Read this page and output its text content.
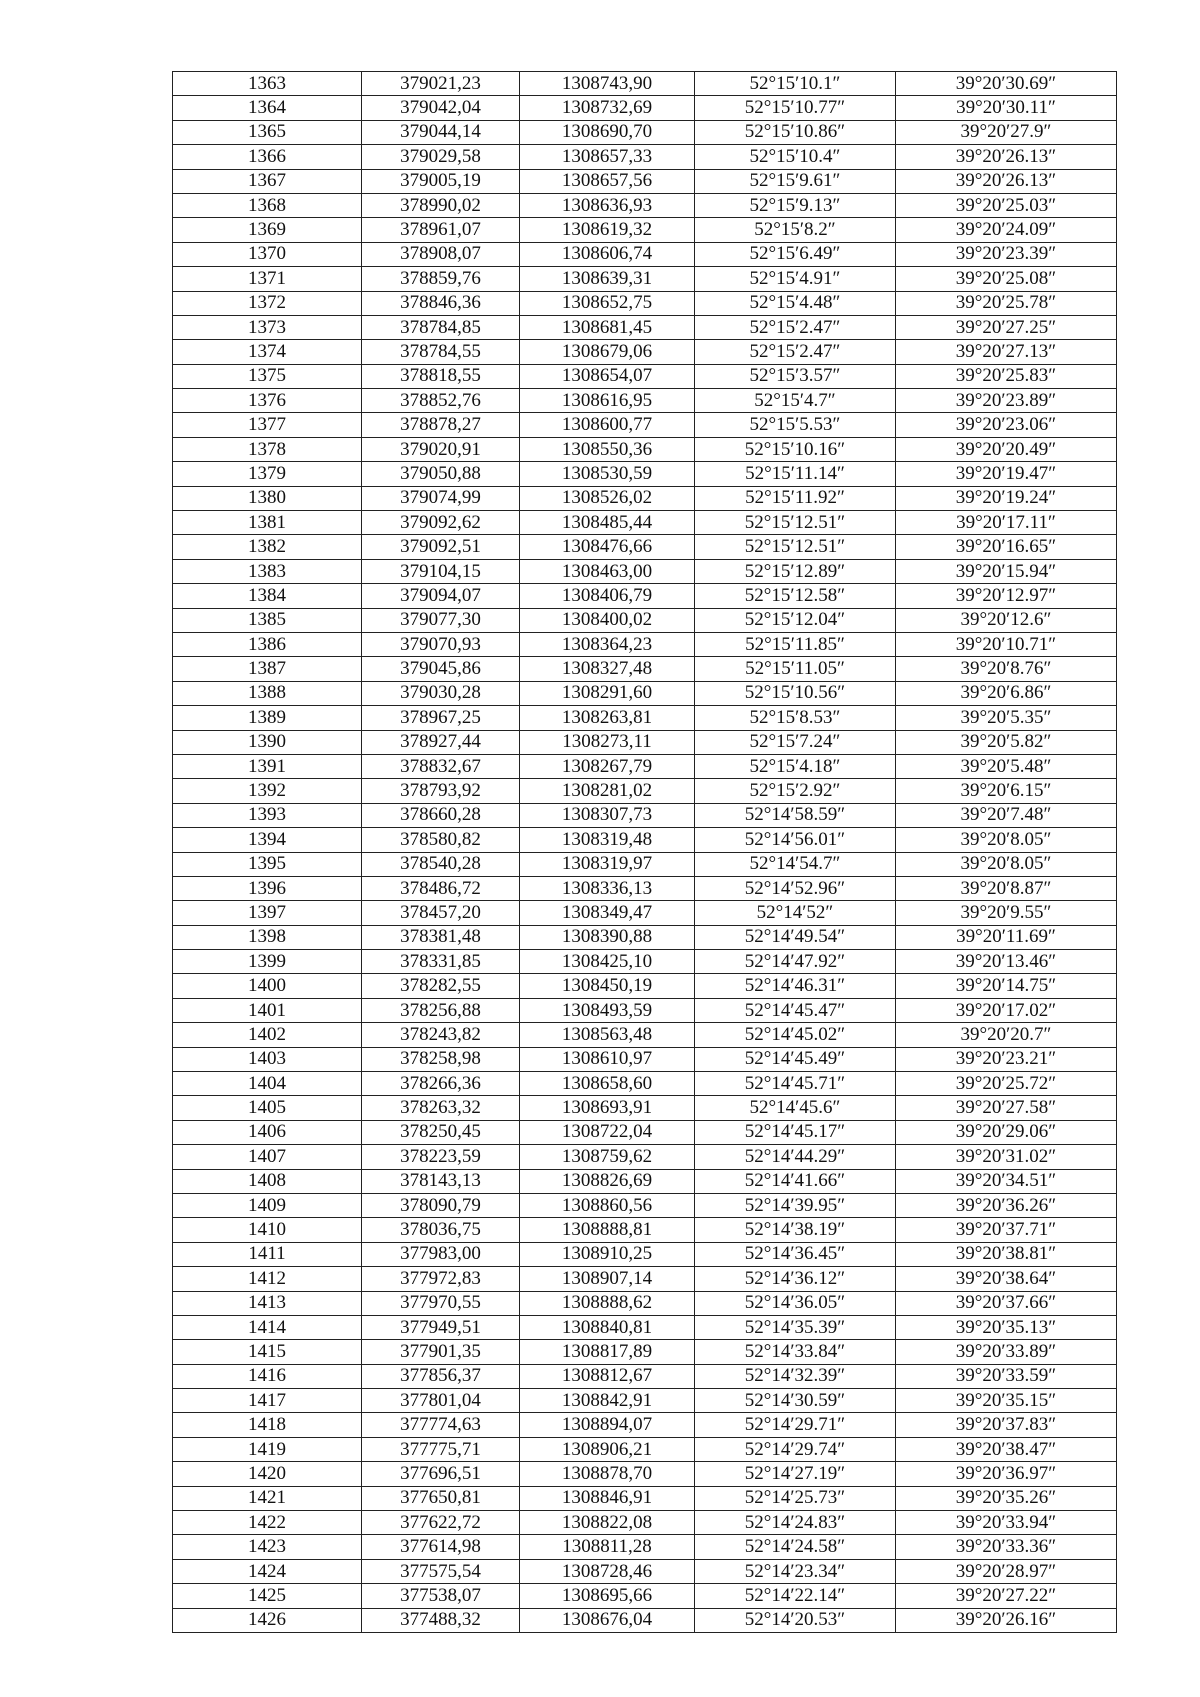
1363	379021,23	1308743,90	52°15′10.1″	39°20′30.69″
1364	379042,04	1308732,69	52°15′10.77″	39°20′30.11″
1365	379044,14	1308690,70	52°15′10.86″	39°20′27.9″
1366	379029,58	1308657,33	52°15′10.4″	39°20′26.13″
1367	379005,19	1308657,56	52°15′9.61″	39°20′26.13″
1368	378990,02	1308636,93	52°15′9.13″	39°20′25.03″
1369	378961,07	1308619,32	52°15′8.2″	39°20′24.09″
1370	378908,07	1308606,74	52°15′6.49″	39°20′23.39″
1371	378859,76	1308639,31	52°15′4.91″	39°20′25.08″
1372	378846,36	1308652,75	52°15′4.48″	39°20′25.78″
1373	378784,85	1308681,45	52°15′2.47″	39°20′27.25″
1374	378784,55	1308679,06	52°15′2.47″	39°20′27.13″
1375	378818,55	1308654,07	52°15′3.57″	39°20′25.83″
1376	378852,76	1308616,95	52°15′4.7″	39°20′23.89″
1377	378878,27	1308600,77	52°15′5.53″	39°20′23.06″
1378	379020,91	1308550,36	52°15′10.16″	39°20′20.49″
1379	379050,88	1308530,59	52°15′11.14″	39°20′19.47″
1380	379074,99	1308526,02	52°15′11.92″	39°20′19.24″
1381	379092,62	1308485,44	52°15′12.51″	39°20′17.11″
1382	379092,51	1308476,66	52°15′12.51″	39°20′16.65″
1383	379104,15	1308463,00	52°15′12.89″	39°20′15.94″
1384	379094,07	1308406,79	52°15′12.58″	39°20′12.97″
1385	379077,30	1308400,02	52°15′12.04″	39°20′12.6″
1386	379070,93	1308364,23	52°15′11.85″	39°20′10.71″
1387	379045,86	1308327,48	52°15′11.05″	39°20′8.76″
1388	379030,28	1308291,60	52°15′10.56″	39°20′6.86″
1389	378967,25	1308263,81	52°15′8.53″	39°20′5.35″
1390	378927,44	1308273,11	52°15′7.24″	39°20′5.82″
1391	378832,67	1308267,79	52°15′4.18″	39°20′5.48″
1392	378793,92	1308281,02	52°15′2.92″	39°20′6.15″
1393	378660,28	1308307,73	52°14′58.59″	39°20′7.48″
1394	378580,82	1308319,48	52°14′56.01″	39°20′8.05″
1395	378540,28	1308319,97	52°14′54.7″	39°20′8.05″
1396	378486,72	1308336,13	52°14′52.96″	39°20′8.87″
1397	378457,20	1308349,47	52°14′52″	39°20′9.55″
1398	378381,48	1308390,88	52°14′49.54″	39°20′11.69″
1399	378331,85	1308425,10	52°14′47.92″	39°20′13.46″
1400	378282,55	1308450,19	52°14′46.31″	39°20′14.75″
1401	378256,88	1308493,59	52°14′45.47″	39°20′17.02″
1402	378243,82	1308563,48	52°14′45.02″	39°20′20.7″
1403	378258,98	1308610,97	52°14′45.49″	39°20′23.21″
1404	378266,36	1308658,60	52°14′45.71″	39°20′25.72″
1405	378263,32	1308693,91	52°14′45.6″	39°20′27.58″
1406	378250,45	1308722,04	52°14′45.17″	39°20′29.06″
1407	378223,59	1308759,62	52°14′44.29″	39°20′31.02″
1408	378143,13	1308826,69	52°14′41.66″	39°20′34.51″
1409	378090,79	1308860,56	52°14′39.95″	39°20′36.26″
1410	378036,75	1308888,81	52°14′38.19″	39°20′37.71″
1411	377983,00	1308910,25	52°14′36.45″	39°20′38.81″
1412	377972,83	1308907,14	52°14′36.12″	39°20′38.64″
1413	377970,55	1308888,62	52°14′36.05″	39°20′37.66″
1414	377949,51	1308840,81	52°14′35.39″	39°20′35.13″
1415	377901,35	1308817,89	52°14′33.84″	39°20′33.89″
1416	377856,37	1308812,67	52°14′32.39″	39°20′33.59″
1417	377801,04	1308842,91	52°14′30.59″	39°20′35.15″
1418	377774,63	1308894,07	52°14′29.71″	39°20′37.83″
1419	377775,71	1308906,21	52°14′29.74″	39°20′38.47″
1420	377696,51	1308878,70	52°14′27.19″	39°20′36.97″
1421	377650,81	1308846,91	52°14′25.73″	39°20′35.26″
1422	377622,72	1308822,08	52°14′24.83″	39°20′33.94″
1423	377614,98	1308811,28	52°14′24.58″	39°20′33.36″
1424	377575,54	1308728,46	52°14′23.34″	39°20′28.97″
1425	377538,07	1308695,66	52°14′22.14″	39°20′27.22″
1426	377488,32	1308676,04	52°14′20.53″	39°20′26.16″
